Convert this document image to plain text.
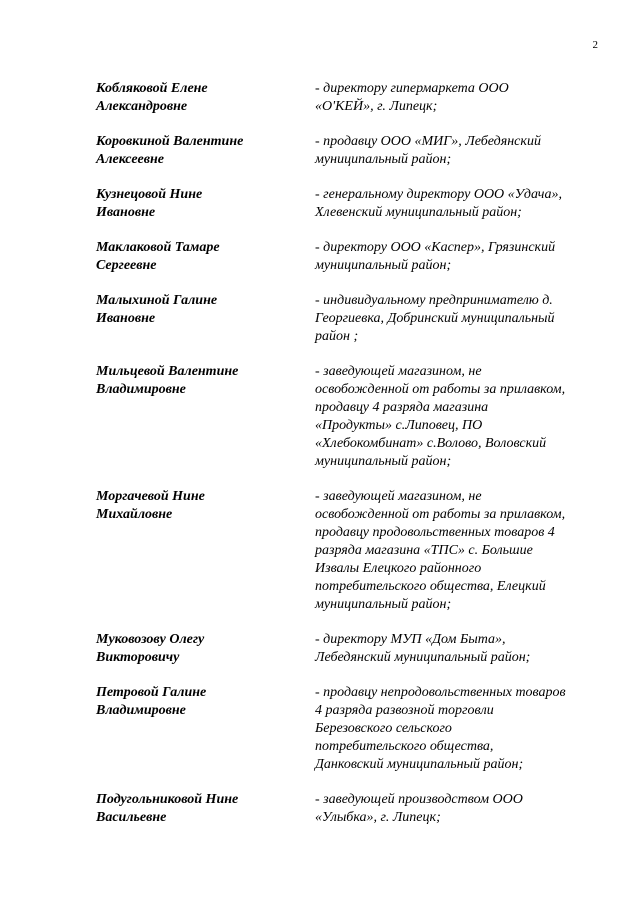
2
Кобляковой Елене
Александровне
- директору гипермаркета ООО
«О'КЕЙ», г. Липецк;
Коровкиной Валентине
Алексеевне
- продавцу ООО «МИГ», Лебедянский
муниципальный район;
Кузнецовой Нине
Ивановне
- генеральному директору ООО «Удача»,
Хлевенский муниципальный район;
Маклаковой Тамаре
Сергеевне
- директору ООО «Каспер», Грязинский
муниципальный район;
Малыхиной Галине
Ивановне
- индивидуальному предпринимателю д.
Георгиевка, Добринский муниципальный
район ;
Мильцевой Валентине
Владимировне
- заведующей магазином, не
освобожденной от работы за прилавком,
продавцу 4 разряда магазина
«Продукты» с.Липовец, ПО
«Хлебокомбинат» с.Волово, Воловский
муниципальный район;
Моргачевой Нине
Михайловне
- заведующей магазином, не
освобожденной от работы за прилавком,
продавцу продовольственных товаров 4
разряда магазина «ТПС» с. Большие
Извалы Елецкого районного
потребительского общества, Елецкий
муниципальный район;
Муковозову Олегу
Викторовичу
- директору МУП «Дом Быта»,
Лебедянский муниципальный район;
Петровой Галине
Владимировне
- продавцу непродовольственных товаров
4 разряда развозной торговли
Березовского сельского
потребительского общества,
Данковский муниципальный район;
Подугольниковой Нине
Васильевне
- заведующей производством ООО
«Улыбка», г. Липецк;
